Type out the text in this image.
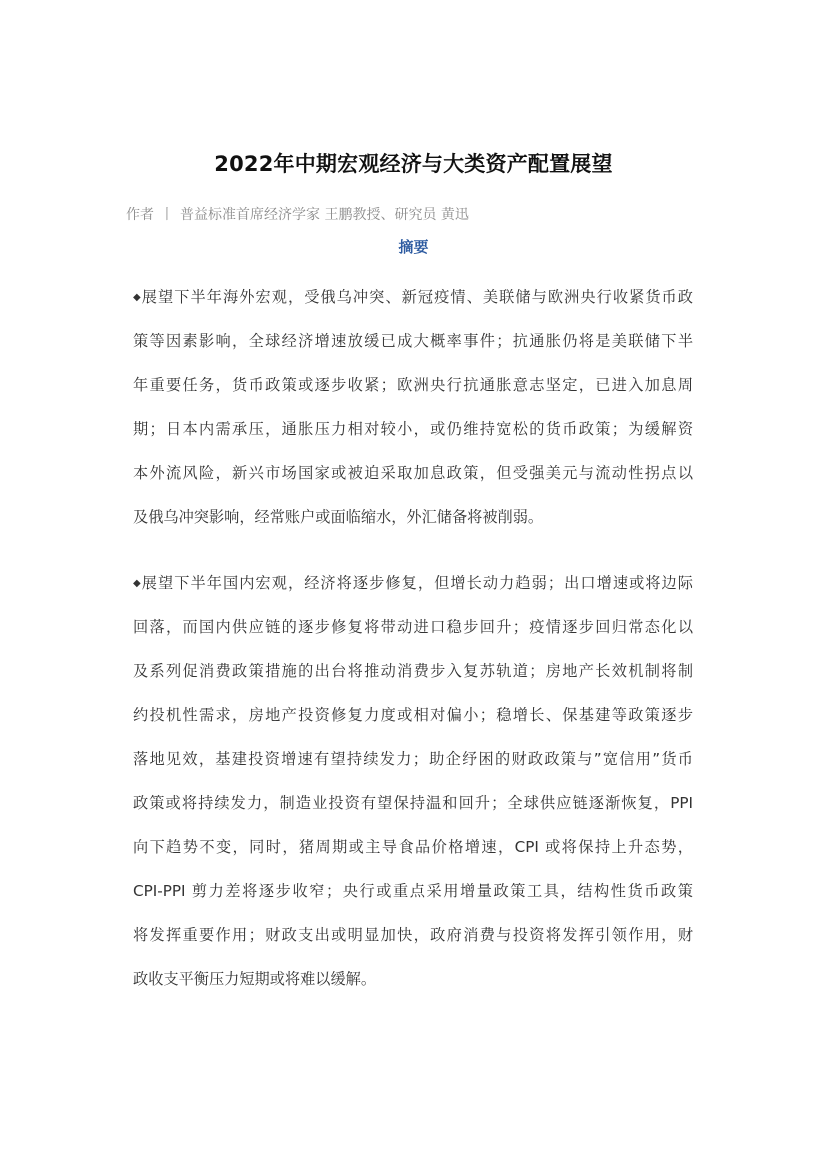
2022年中期宏观经济与大类资产配置展望
作者 丨 普益标准首席经济学家 王鹏教授、研究员 黄迅
摘要
◆展望下半年海外宏观，受俄乌冲突、新冠疫情、美联储与欧洲央行收紧货币政
策等因素影响，全球经济增速放缓已成大概率事件；抗通胀仍将是美联储下半
年重要任务，货币政策或逐步收紧；欧洲央行抗通胀意志坚定，已进入加息周
期；日本内需承压，通胀压力相对较小，或仍维持宽松的货币政策；为缓解资
本外流风险，新兴市场国家或被迫采取加息政策，但受强美元与流动性拐点以
及俄乌冲突影响，经常账户或面临缩水，外汇储备将被削弱。
◆展望下半年国内宏观，经济将逐步修复，但增长动力趋弱；出口增速或将边际
回落，而国内供应链的逐步修复将带动进口稳步回升；疫情逐步回归常态化以
及系列促消费政策措施的出台将推动消费步入复苏轨道；房地产长效机制将制
约投机性需求，房地产投资修复力度或相对偏小；稳增长、保基建等政策逐步
落地见效，基建投资增速有望持续发力；助企纾困的财政政策与”宽信用”货币
政策或将持续发力，制造业投资有望保持温和回升；全球供应链逐渐恢复，PPI
向下趋势不变，同时，猪周期或主导食品价格增速，CPI 或将保持上升态势，
CPI-PPI 剪力差将逐步收窄；央行或重点采用增量政策工具，结构性货币政策
将发挥重要作用；财政支出或明显加快，政府消费与投资将发挥引领作用，财
政收支平衡压力短期或将难以缓解。
